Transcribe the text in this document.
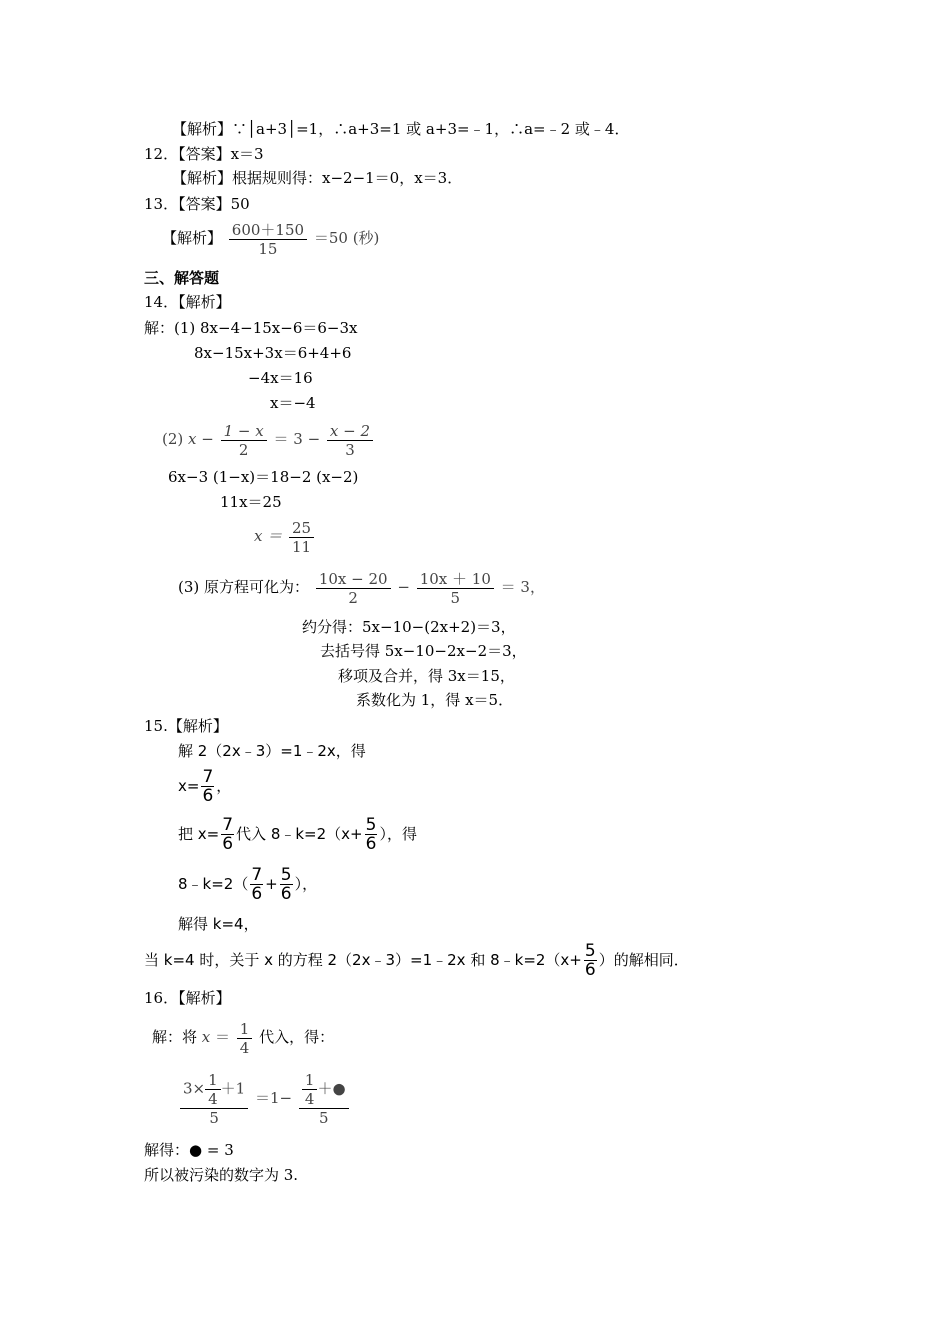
【解析】∵│a+3│=1，∴a+3=1 或 a+3=﹣1，∴a=﹣2 或﹣4．
12．【答案】x＝3
【解析】根据规则得：x−2−1＝0，x＝3．
13．【答案】50
【解析】 $\frac{600+150}{15} =50$ (秒)
三、解答题
14．【解析】
解：(1) 8x−4−15x−6＝6−3x
8x−15x+3x＝6+4+6
−4x＝16
x＝−4
(2) $x - \frac{1 - x}{2} = 3 - \frac{x - 2}{3}$
6x−3 (1−x)＝18−2 (x−2)
11x＝25
$x = \frac{25}{11}$
(3) 原方程可化为： $\frac{10x - 20}{2} - \frac{10x + 10}{5} = 3$，
约分得：5x−10−(2x+2)＝3，
去括号得 5x−10−2x−2＝3，
移项及合并，得 3x＝15，
系数化为 1，得 x＝5．
15.【解析】
解 2（2x﹣3）=1﹣2x，得
$x= \frac{7}{6}$ ，
把 $x= \frac{7}{6}$ 代入 8﹣k=2（x+ $\frac{5}{6}$ ），得
8﹣k=2（ $\frac{7}{6} + \frac{5}{6}$ ），
解得 k=4，
当 k=4 时，关于 x 的方程 2（2x﹣3）=1﹣2x 和 8﹣k=2（x+ $\frac{5}{6}$ ）的解相同．
16．【解析】
解：将 $x = \frac{1}{4}$ 代入，得：
$\frac{3\times \frac{1}{4} +1}{5} =1- \frac{\frac{1}{4} +●}{5}$
解得：● = 3
所以被污染的数字为 3.
